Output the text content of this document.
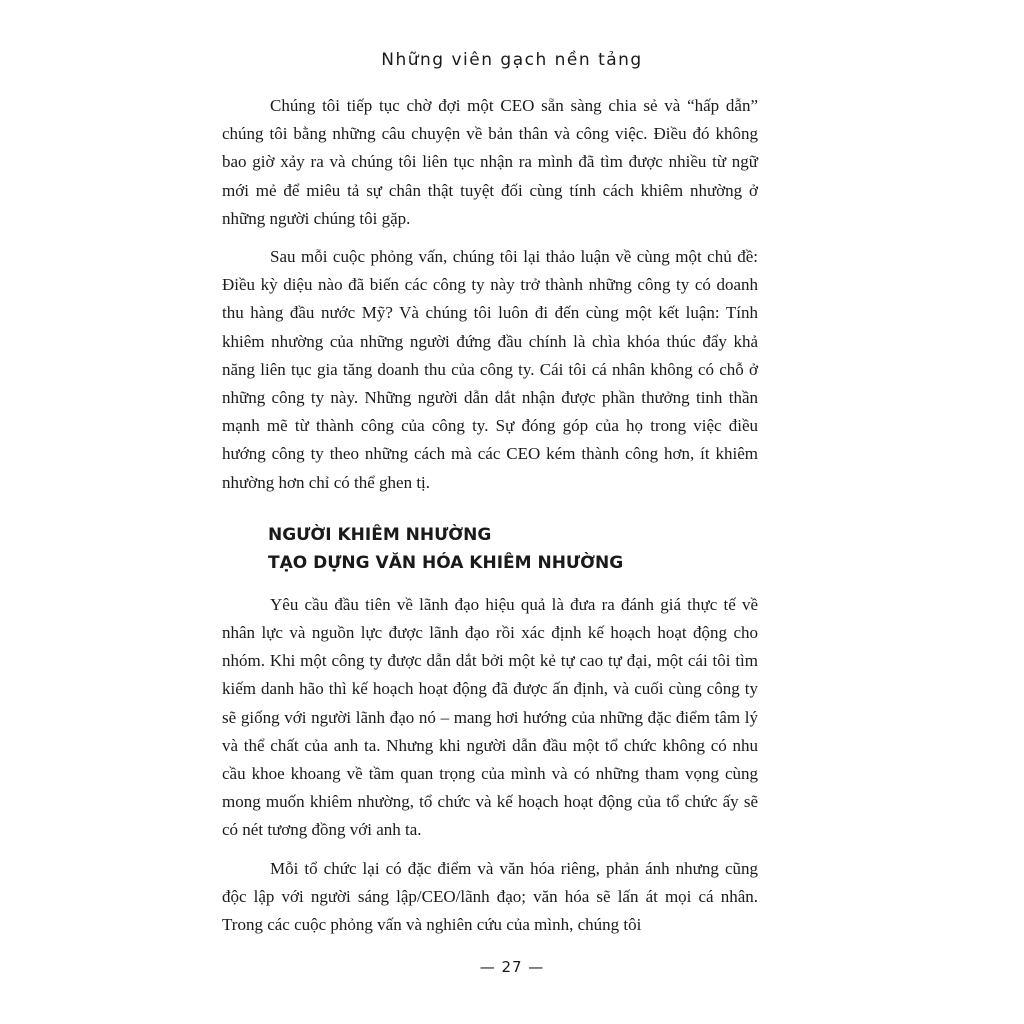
Những viên gạch nền tảng

Chúng tôi tiếp tục chờ đợi một CEO sẵn sàng chia sẻ và “hấp dẫn” chúng tôi bằng những câu chuyện về bản thân và công việc. Điều đó không bao giờ xảy ra và chúng tôi liên tục nhận ra mình đã tìm được nhiều từ ngữ mới mẻ để miêu tả sự chân thật tuyệt đối cùng tính cách khiêm nhường ở những người chúng tôi gặp.

Sau mỗi cuộc phỏng vấn, chúng tôi lại thảo luận về cùng một chủ đề: Điều kỳ diệu nào đã biến các công ty này trở thành những công ty có doanh thu hàng đầu nước Mỹ? Và chúng tôi luôn đi đến cùng một kết luận: Tính khiêm nhường của những người đứng đầu chính là chìa khóa thúc đẩy khả năng liên tục gia tăng doanh thu của công ty. Cái tôi cá nhân không có chỗ ở những công ty này. Những người dẫn dắt nhận được phần thưởng tinh thần mạnh mẽ từ thành công của công ty. Sự đóng góp của họ trong việc điều hướng công ty theo những cách mà các CEO kém thành công hơn, ít khiêm nhường hơn chỉ có thể ghen tị.

NGƯỜI KHIÊM NHƯỜNG
TẠO DỰNG VĂN HÓA KHIÊM NHƯỜNG

Yêu cầu đầu tiên về lãnh đạo hiệu quả là đưa ra đánh giá thực tế về nhân lực và nguồn lực được lãnh đạo rồi xác định kế hoạch hoạt động cho nhóm. Khi một công ty được dẫn dắt bởi một kẻ tự cao tự đại, một cái tôi tìm kiếm danh hão thì kế hoạch hoạt động đã được ấn định, và cuối cùng công ty sẽ giống với người lãnh đạo nó – mang hơi hướng của những đặc điểm tâm lý và thể chất của anh ta. Nhưng khi người dẫn đầu một tổ chức không có nhu cầu khoe khoang về tầm quan trọng của mình và có những tham vọng cùng mong muốn khiêm nhường, tổ chức và kế hoạch hoạt động của tổ chức ấy sẽ có nét tương đồng với anh ta.

Mỗi tổ chức lại có đặc điểm và văn hóa riêng, phản ánh nhưng cũng độc lập với người sáng lập/CEO/lãnh đạo; văn hóa sẽ lấn át mọi cá nhân. Trong các cuộc phỏng vấn và nghiên cứu của mình, chúng tôi

— 27 —
